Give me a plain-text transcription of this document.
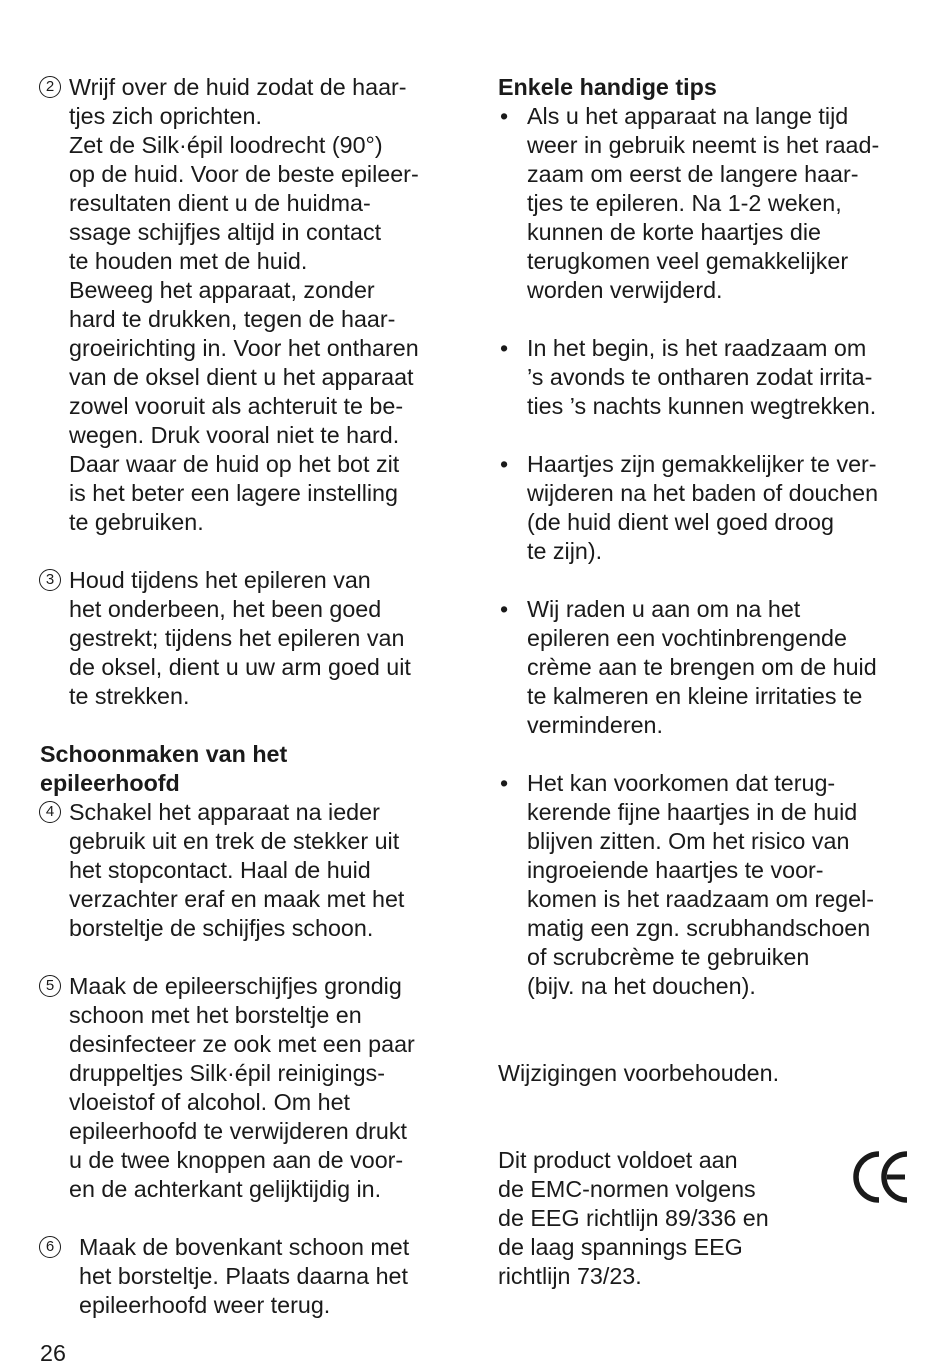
2 Wrijf over de huid zodat de haar-
tjes zich oprichten.
Zet de Silk·épil loodrecht (90°)
op de huid. Voor de beste epileer-
resultaten dient u de huidma-
ssage schijfjes altijd in contact
te houden met de huid.
Beweeg het apparaat, zonder
hard te drukken, tegen de haar-
groeirichting in. Voor het ontharen
van de oksel dient u het apparaat
zowel vooruit als achteruit te be-
wegen. Druk vooral niet te hard.
Daar waar de huid op het bot zit
is het beter een lagere instelling
te gebruiken.
3 Houd tijdens het epileren van
het onderbeen, het been goed
gestrekt; tijdens het epileren van
de oksel, dient u uw arm goed uit
te strekken.
Schoonmaken van het
epileerhoofd
4 Schakel het apparaat na ieder
gebruik uit en trek de stekker uit
het stopcontact. Haal de huid
verzachter eraf en maak met het
borsteltje de schijfjes schoon.
5 Maak de epileerschijfjes grondig
schoon met het borsteltje en
desinfecteer ze ook met een paar
druppeltjes Silk·épil reinigings-
vloeistof of alcohol. Om het
epileerhoofd te verwijderen drukt
u de twee knoppen aan de voor-
en de achterkant gelijktijdig in.
6 Maak de bovenkant schoon met
het borsteltje. Plaats daarna het
epileerhoofd weer terug.
Enkele handige tips
• Als u het apparaat na lange tijd
weer in gebruik neemt is het raad-
zaam om eerst de langere haar-
tjes te epileren. Na 1-2 weken,
kunnen de korte haartjes die
terugkomen veel gemakkelijker
worden verwijderd.
• In het begin, is het raadzaam om
’s avonds te ontharen zodat irrita-
ties ’s nachts kunnen wegtrekken.
• Haartjes zijn gemakkelijker te ver-
wijderen na het baden of douchen
(de huid dient wel goed droog
te zijn).
• Wij raden u aan om na het
epileren een vochtinbrengende
crème aan te brengen om de huid
te kalmeren en kleine irritaties te
verminderen.
• Het kan voorkomen dat terug-
kerende fijne haartjes in de huid
blijven zitten. Om het risico van
ingroeiende haartjes te voor-
komen is het raadzaam om regel-
matig een zgn. scrubhandschoen
of scrubcrème te gebruiken
(bijv. na het douchen).
Wijzigingen voorbehouden.
Dit product voldoet aan
de EMC-normen volgens
de EEG richtlijn 89/336 en
de laag spannings EEG
richtlijn 73/23.
26
